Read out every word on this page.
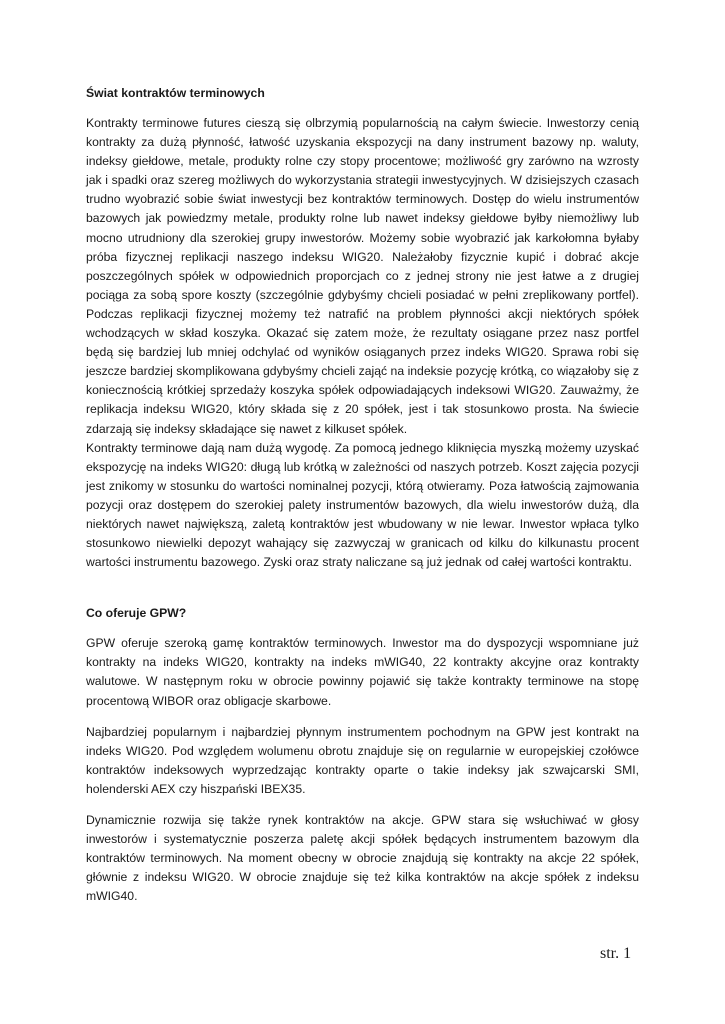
Świat kontraktów terminowych

Kontrakty terminowe futures cieszą się olbrzymią popularnością na całym świecie. Inwestorzy cenią kontrakty za dużą płynność, łatwość uzyskania ekspozycji na dany instrument bazowy np. waluty, indeksy giełdowe, metale, produkty rolne czy stopy procentowe; możliwość gry zarówno na wzrosty jak i spadki oraz szereg możliwych do wykorzystania strategii inwestycyjnych. W dzisiejszych czasach trudno wyobrazić sobie świat inwestycji bez kontraktów terminowych. Dostęp do wielu instrumentów bazowych jak powiedzmy metale, produkty rolne lub nawet indeksy giełdowe byłby niemożliwy lub mocno utrudniony dla szerokiej grupy inwestorów. Możemy sobie wyobrazić jak karkołomna byłaby próba fizycznej replikacji naszego indeksu WIG20. Należałoby fizycznie kupić i dobrać akcje poszczególnych spółek w odpowiednich proporcjach co z jednej strony nie jest łatwe a z drugiej pociąga za sobą spore koszty (szczególnie gdybyśmy chcieli posiadać w pełni zreplikowany portfel). Podczas replikacji fizycznej możemy też natrafić na problem płynności akcji niektórych spółek wchodzących w skład koszyka. Okazać się zatem może, że rezultaty osiągane przez nasz portfel będą się bardziej lub mniej odchylać od wyników osiąganych przez indeks WIG20. Sprawa robi się jeszcze bardziej skomplikowana gdybyśmy chcieli zająć na indeksie pozycję krótką, co wiązałoby się z koniecznością krótkiej sprzedaży koszyka spółek odpowiadających indeksowi WIG20. Zauważmy, że replikacja indeksu WIG20, który składa się z 20 spółek, jest i tak stosunkowo prosta. Na świecie zdarzają się indeksy składające się nawet z kilkuset spółek.

Kontrakty terminowe dają nam dużą wygodę. Za pomocą jednego kliknięcia myszką możemy uzyskać ekspozycję na indeks WIG20: długą lub krótką w zależności od naszych potrzeb. Koszt zajęcia pozycji jest znikomy w stosunku do wartości nominalnej pozycji, którą otwieramy. Poza łatwością zajmowania pozycji oraz dostępem do szerokiej palety instrumentów bazowych, dla wielu inwestorów dużą, dla niektórych nawet największą, zaletą kontraktów jest wbudowany w nie lewar. Inwestor wpłaca tylko stosunkowo niewielki depozyt wahający się zazwyczaj w granicach od kilku do kilkunastu procent wartości instrumentu bazowego. Zyski oraz straty naliczane są już jednak od całej wartości kontraktu.

Co oferuje GPW?

GPW oferuje szeroką gamę kontraktów terminowych. Inwestor ma do dyspozycji wspomniane już kontrakty na indeks WIG20, kontrakty na indeks mWIG40, 22 kontrakty akcyjne oraz kontrakty walutowe. W następnym roku w obrocie powinny pojawić się także kontrakty terminowe na stopę procentową WIBOR oraz obligacje skarbowe.

Najbardziej popularnym i najbardziej płynnym instrumentem pochodnym na GPW jest kontrakt na indeks WIG20. Pod względem wolumenu obrotu znajduje się on regularnie w europejskiej czołówce kontraktów indeksowych wyprzedzając kontrakty oparte o takie indeksy jak szwajcarski SMI, holenderski AEX czy hiszpański IBEX35.

Dynamicznie rozwija się także rynek kontraktów na akcje. GPW stara się wsłuchiwać w głosy inwestorów i systematycznie poszerza paletę akcji spółek będących instrumentem bazowym dla kontraktów terminowych. Na moment obecny w obrocie znajdują się kontrakty na akcje 22 spółek, głównie z indeksu WIG20. W obrocie znajduje się też kilka kontraktów na akcje spółek z indeksu mWIG40.

str. 1
